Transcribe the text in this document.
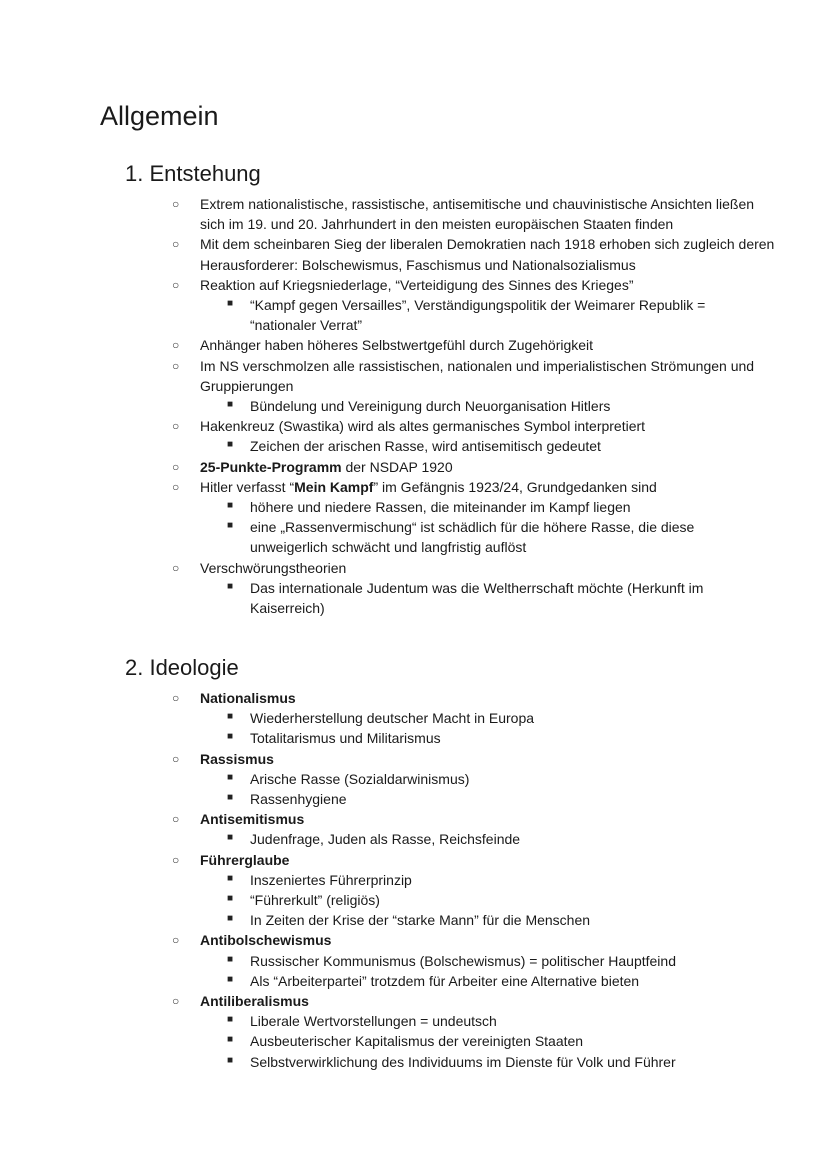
Allgemein
1. Entstehung
○ Extrem nationalistische, rassistische, antisemitische und chauvinistische Ansichten ließen sich im 19. und 20. Jahrhundert in den meisten europäischen Staaten finden
○ Mit dem scheinbaren Sieg der liberalen Demokratien nach 1918 erhoben sich zugleich deren Herausforderer: Bolschewismus, Faschismus und Nationalsozialismus
○ Reaktion auf Kriegsniederlage, “Verteidigung des Sinnes des Krieges”
■ “Kampf gegen Versailles”, Verständigungspolitik der Weimarer Republik = “nationaler Verrat”
○ Anhänger haben höheres Selbstwertgefühl durch Zugehörigkeit
○ Im NS verschmolzen alle rassistischen, nationalen und imperialistischen Strömungen und Gruppierungen
■ Bündelung und Vereinigung durch Neuorganisation Hitlers
○ Hakenkreuz (Swastika) wird als altes germanisches Symbol interpretiert
■ Zeichen der arischen Rasse, wird antisemitisch gedeutet
○ 25-Punkte-Programm der NSDAP 1920
○ Hitler verfasst “Mein Kampf” im Gefängnis 1923/24, Grundgedanken sind
■ höhere und niedere Rassen, die miteinander im Kampf liegen
■ eine „Rassenvermischung“ ist schädlich für die höhere Rasse, die diese unweigerlich schwächt und langfristig auflöst
○ Verschwörungstheorien
■ Das internationale Judentum was die Weltherrschaft möchte (Herkunft im Kaiserreich)
2. Ideologie
○ Nationalismus
■ Wiederherstellung deutscher Macht in Europa
■ Totalitarismus und Militarismus
○ Rassismus
■ Arische Rasse (Sozialdarwinismus)
■ Rassenhygiene
○ Antisemitismus
■ Judenfrage, Juden als Rasse, Reichsfeinde
○ Führerglaube
■ Inszeniertes Führerprinzip
■ “Führerkult” (religiös)
■ In Zeiten der Krise der “starke Mann” für die Menschen
○ Antibolschewismus
■ Russischer Kommunismus (Bolschewismus) = politischer Hauptfeind
■ Als “Arbeiterpartei” trotzdem für Arbeiter eine Alternative bieten
○ Antiliberalismus
■ Liberale Wertvorstellungen = undeutsch
■ Ausbeuterischer Kapitalismus der vereinigten Staaten
■ Selbstverwirklichung des Individuums im Dienste für Volk und Führer
